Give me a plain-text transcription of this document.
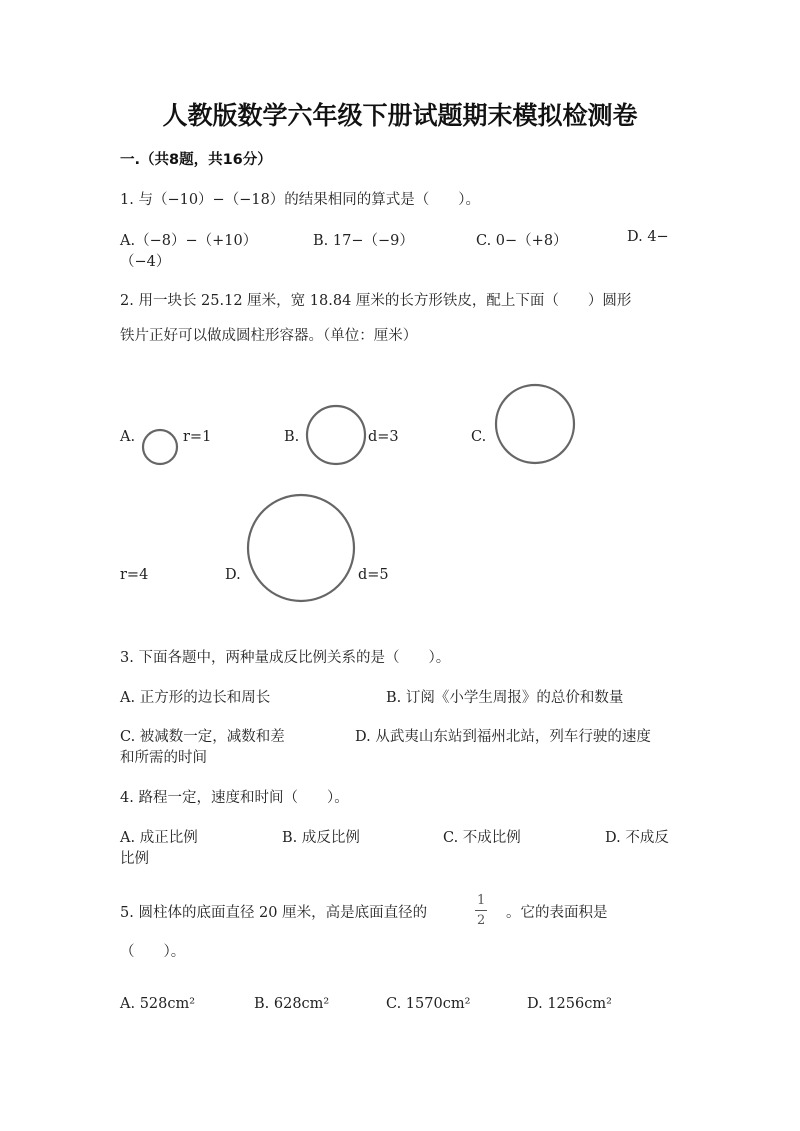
人教版数学六年级下册试题期末模拟检测卷
一.（共8题，共16分）
1. 与（−10）−（−18）的结果相同的算式是（　　）。
A.（−8）−（+10）	B. 17−（−9）	C. 0−（+8）	D. 4−
（−4）
2. 用一块长 25.12 厘米，宽 18.84 厘米的长方形铁皮，配上下面（　　）圆形
铁片正好可以做成圆柱形容器。（单位：厘米）
A.	r=1	B.	d=3	C.
r=4	D.	d=5
3. 下面各题中，两种量成反比例关系的是（　　）。
A. 正方形的边长和周长	B. 订阅《小学生周报》的总价和数量
C. 被减数一定，减数和差	D. 从武夷山东站到福州北站，列车行驶的速度
和所需的时间
4. 路程一定，速度和时间（　　）。
A. 成正比例	B. 成反比例	C. 不成比例	D. 不成反
比例
5. 圆柱体的底面直径 20 厘米，高是底面直径的	$\frac{1}{2}$ 。它的表面积是
（　　）。
A. 528cm²	B. 628cm²	C. 1570cm²	D. 1256cm²
